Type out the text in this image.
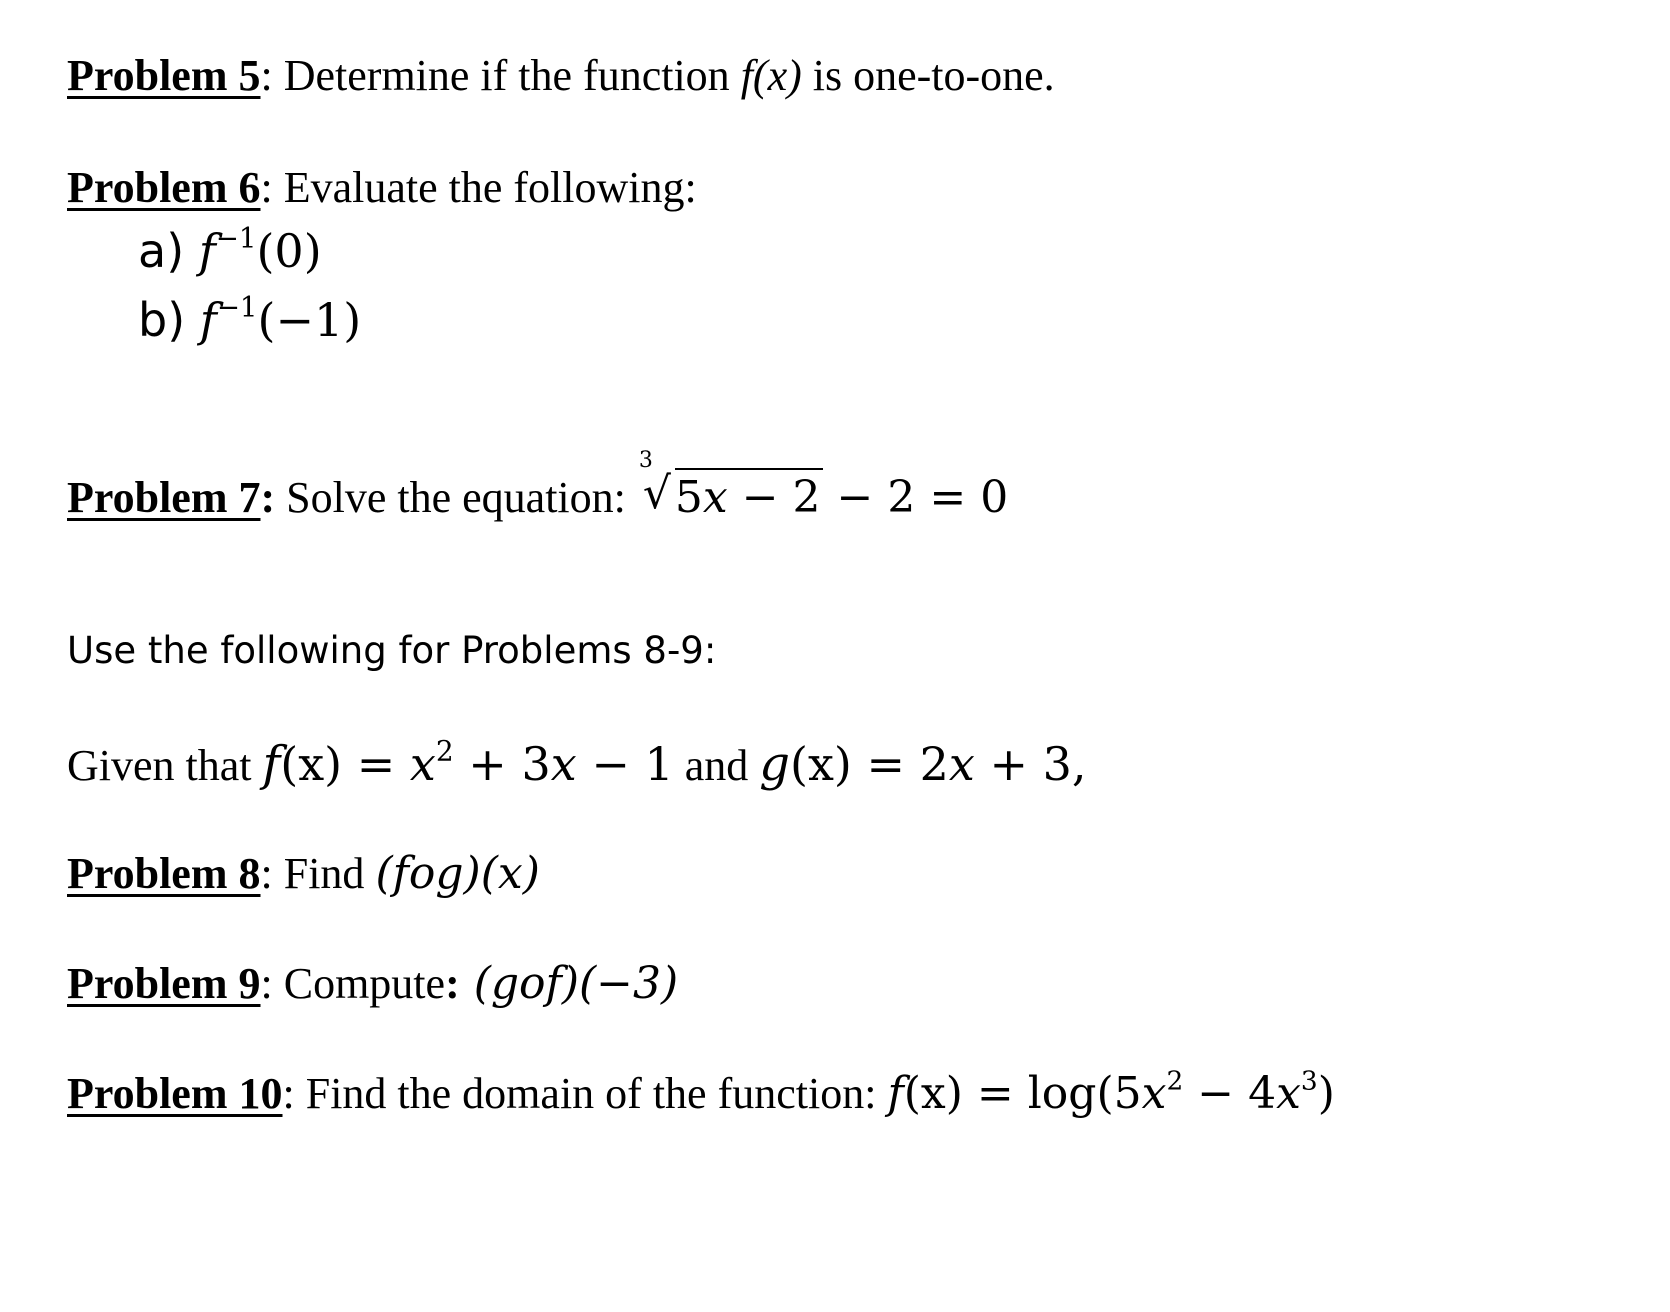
Problem 5: Determine if the function f(x) is one-to-one.
Problem 6: Evaluate the following:
a) $f^{-1}(0)$
b) $f^{-1}(-1)$
Problem 7: Solve the equation:
3
√ 5x − 2 − 2 = 0
Use the following for Problems 8-9:
Given that $f(x) = x^2 + 3x - 1$ and g(x) = 2x + 3,
Problem 8: Find (fog)(x)
Problem 9: Compute: (gof)(−3)
Problem 10: Find the domain of the function: $f(x) = \log(5x^2 - 4x^3)$
